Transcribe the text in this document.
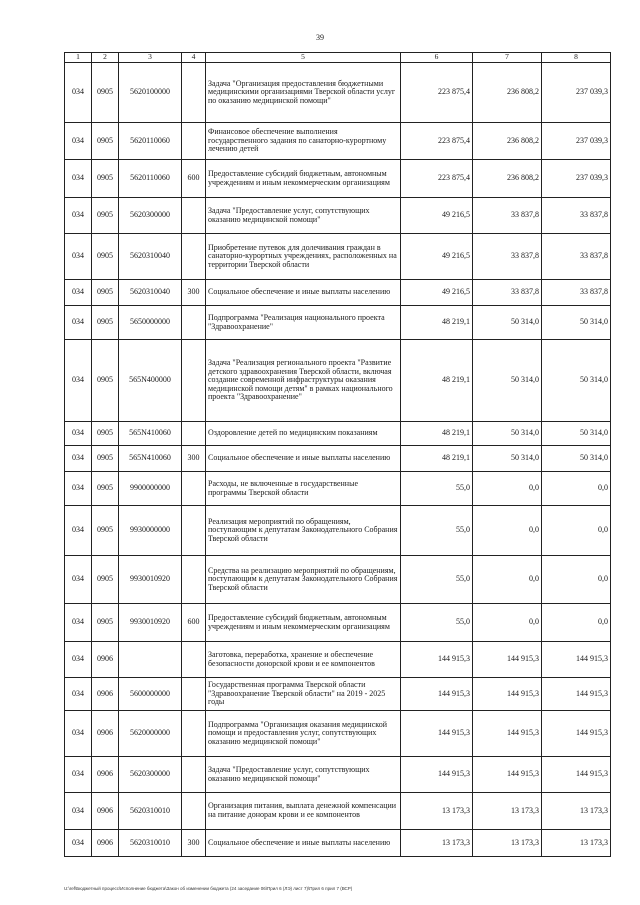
39
1	2	3	4	5	6	7	8
034	0905	5620100000		Задача "Организация предоставления бюджетными медицинскими организациями Тверской области услуг по оказанию медицинской помощи"	223 875,4	236 808,2	237 039,3
034	0905	5620110060		Финансовое обеспечение выполнения государственного задания по санаторно-курортному лечению детей	223 875,4	236 808,2	237 039,3
034	0905	5620110060	600	Предоставление субсидий бюджетным, автономным учреждениям и иным некоммерческим организациям	223 875,4	236 808,2	237 039,3
034	0905	5620300000		Задача "Предоставление услуг, сопутствующих оказанию медицинской помощи"	49 216,5	33 837,8	33 837,8
034	0905	5620310040		Приобретение путевок для долечивания граждан в санаторно-курортных учреждениях, расположенных на территории Тверской области	49 216,5	33 837,8	33 837,8
034	0905	5620310040	300	Социальное обеспечение и иные выплаты населению	49 216,5	33 837,8	33 837,8
034	0905	5650000000		Подпрограмма "Реализация национального проекта "Здравоохранение"	48 219,1	50 314,0	50 314,0
034	0905	565N400000		Задача "Реализация регионального проекта "Развитие детского здравоохранения Тверской области, включая создание современной инфраструктуры оказания медицинской помощи детям" в рамках национального проекта "Здравоохранение"	48 219,1	50 314,0	50 314,0
034	0905	565N410060		Оздоровление детей по медицинским показаниям	48 219,1	50 314,0	50 314,0
034	0905	565N410060	300	Социальное обеспечение и иные выплаты населению	48 219,1	50 314,0	50 314,0
034	0905	9900000000		Расходы, не включенные в государственные программы Тверской области	55,0	0,0	0,0
034	0905	9930000000		Реализация мероприятий по обращениям, поступающим к депутатам Законодательного Собрания Тверской области	55,0	0,0	0,0
034	0905	9930010920		Средства на реализацию мероприятий по обращениям, поступающим к депутатам Законодательного Собрания Тверской области	55,0	0,0	0,0
034	0905	9930010920	600	Предоставление субсидий бюджетным, автономным учреждениям и иным некоммерческим организациям	55,0	0,0	0,0
034	0906			Заготовка, переработка, хранение и обеспечение безопасности донорской крови и ее компонентов	144 915,3	144 915,3	144 915,3
034	0906	5600000000		Государственная программа Тверской области "Здравоохранение Тверской области" на 2019 - 2025 годы	144 915,3	144 915,3	144 915,3
034	0906	5620000000		Подпрограмма "Организация оказания медицинской помощи и предоставления услуг, сопутствующих оказанию медицинской помощи"	144 915,3	144 915,3	144 915,3
034	0906	5620300000		Задача "Предоставление услуг, сопутствующих оказанию медицинской помощи"	144 915,3	144 915,3	144 915,3
034	0906	5620310010		Организация питания, выплата денежной компенсации на питание донорам крови и ее компонентов	13 173,3	13 173,3	13 173,3
034	0906	5620310010	300	Социальное обеспечение и иные выплаты населению	13 173,3	13 173,3	13 173,3
U:\ref\Бюджетный процесс\Исполнение бюджета\Закон об изменении бюджета (24 заседание 06\Прил 6 (ЛЭ) лист 7)\Прил 6 прил 7 (ВСР)
